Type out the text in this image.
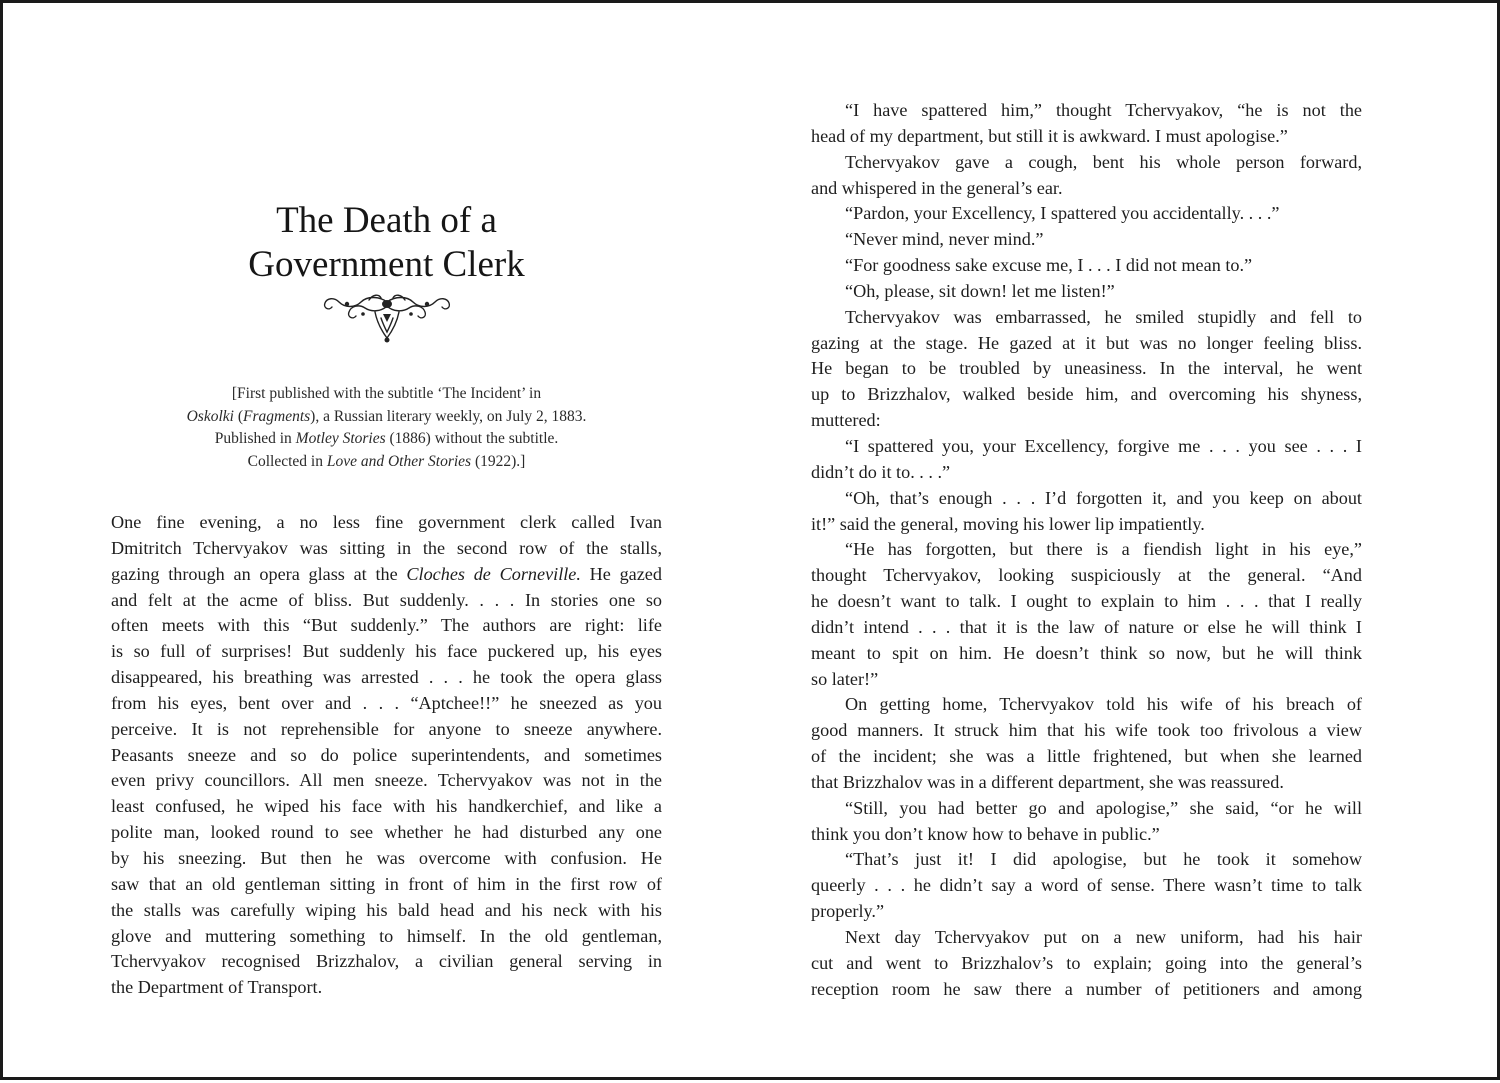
The Death of a
Government Clerk
[First published with the subtitle ‘The Incident’ in
Oskolki (Fragments), a Russian literary weekly, on July 2, 1883.
Published in Motley Stories (1886) without the subtitle.
Collected in Love and Other Stories (1922).]
One fine evening, a no less fine government clerk called Ivan
Dmitritch Tchervyakov was sitting in the second row of the stalls,
gazing through an opera glass at the Cloches de Corneville. He gazed
and felt at the acme of bliss. But suddenly. . . . In stories one so
often meets with this “But suddenly.” The authors are right: life
is so full of surprises! But suddenly his face puckered up, his eyes
disappeared, his breathing was arrested . . . he took the opera glass
from his eyes, bent over and . . . “Aptchee!!” he sneezed as you
perceive. It is not reprehensible for anyone to sneeze anywhere.
Peasants sneeze and so do police superintendents, and sometimes
even privy councillors. All men sneeze. Tchervyakov was not in the
least confused, he wiped his face with his handkerchief, and like a
polite man, looked round to see whether he had disturbed any one
by his sneezing. But then he was overcome with confusion. He
saw that an old gentleman sitting in front of him in the first row of
the stalls was carefully wiping his bald head and his neck with his
glove and muttering something to himself. In the old gentleman,
Tchervyakov recognised Brizzhalov, a civilian general serving in
the Department of Transport.
“I have spattered him,” thought Tchervyakov, “he is not the
head of my department, but still it is awkward. I must apologise.”
Tchervyakov gave a cough, bent his whole person forward,
and whispered in the general’s ear.
“Pardon, your Excellency, I spattered you accidentally. . . .”
“Never mind, never mind.”
“For goodness sake excuse me, I . . . I did not mean to.”
“Oh, please, sit down! let me listen!”
Tchervyakov was embarrassed, he smiled stupidly and fell to
gazing at the stage. He gazed at it but was no longer feeling bliss.
He began to be troubled by uneasiness. In the interval, he went
up to Brizzhalov, walked beside him, and overcoming his shyness,
muttered:
“I spattered you, your Excellency, forgive me . . . you see . . . I
didn’t do it to. . . .”
“Oh, that’s enough . . . I’d forgotten it, and you keep on about
it!” said the general, moving his lower lip impatiently.
“He has forgotten, but there is a fiendish light in his eye,”
thought Tchervyakov, looking suspiciously at the general. “And
he doesn’t want to talk. I ought to explain to him . . . that I really
didn’t intend . . . that it is the law of nature or else he will think I
meant to spit on him. He doesn’t think so now, but he will think
so later!”
On getting home, Tchervyakov told his wife of his breach of
good manners. It struck him that his wife took too frivolous a view
of the incident; she was a little frightened, but when she learned
that Brizzhalov was in a different department, she was reassured.
“Still, you had better go and apologise,” she said, “or he will
think you don’t know how to behave in public.”
“That’s just it! I did apologise, but he took it somehow
queerly . . . he didn’t say a word of sense. There wasn’t time to talk
properly.”
Next day Tchervyakov put on a new uniform, had his hair
cut and went to Brizzhalov’s to explain; going into the general’s
reception room he saw there a number of petitioners and among
